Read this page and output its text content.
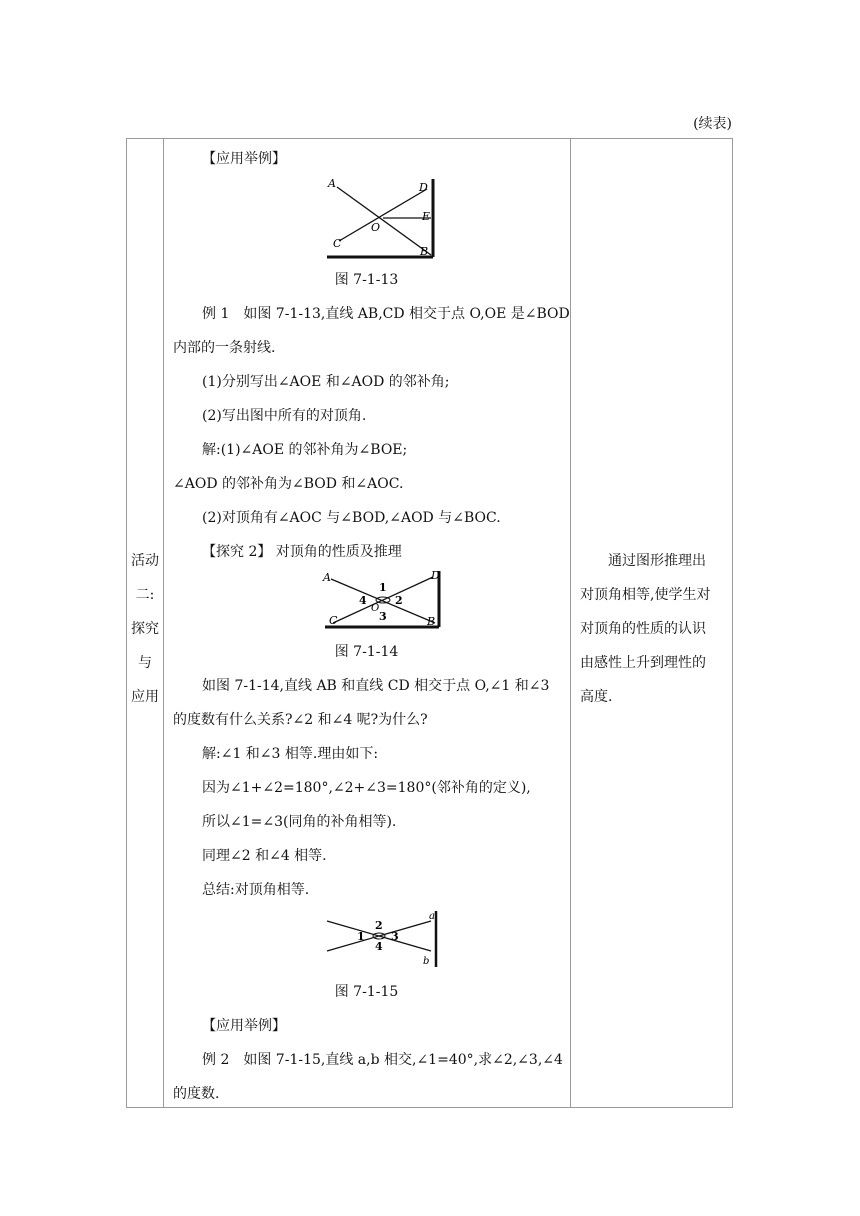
(续表)
活动
二:
探究
与
应用
【应用举例】
A	D
E
O
C
B
图 7-1-13
例 1　如图 7-1-13,直线 AB,CD 相交于点 O,OE 是∠BOD
内部的一条射线.
(1)分别写出∠AOE 和∠AOD 的邻补角;
(2)写出图中所有的对顶角.
解:(1)∠AOE 的邻补角为∠BOE;
∠AOD 的邻补角为∠BOD 和∠AOC.
(2)对顶角有∠AOC 与∠BOD,∠AOD 与∠BOC.
【探究 2】 对顶角的性质及推理
A	D
1
4
O
2
3
C	B
图 7-1-14
如图 7-1-14,直线 AB 和直线 CD 相交于点 O,∠1 和∠3
的度数有什么关系?∠2 和∠4 呢?为什么?
解:∠1 和∠3 相等.理由如下:
因为∠1+∠2=180°,∠2+∠3=180°(邻补角的定义),
所以∠1=∠3(同角的补角相等).
同理∠2 和∠4 相等.
总结:对顶角相等.
a
2
1 3
4
b
图 7-1-15
【应用举例】
例 2　如图 7-1-15,直线 a,b 相交,∠1=40°,求∠2,∠3,∠4
的度数.
通过图形推理出对顶角相等,使学生对对顶角的性质的认识由感性上升到理性的高度.
